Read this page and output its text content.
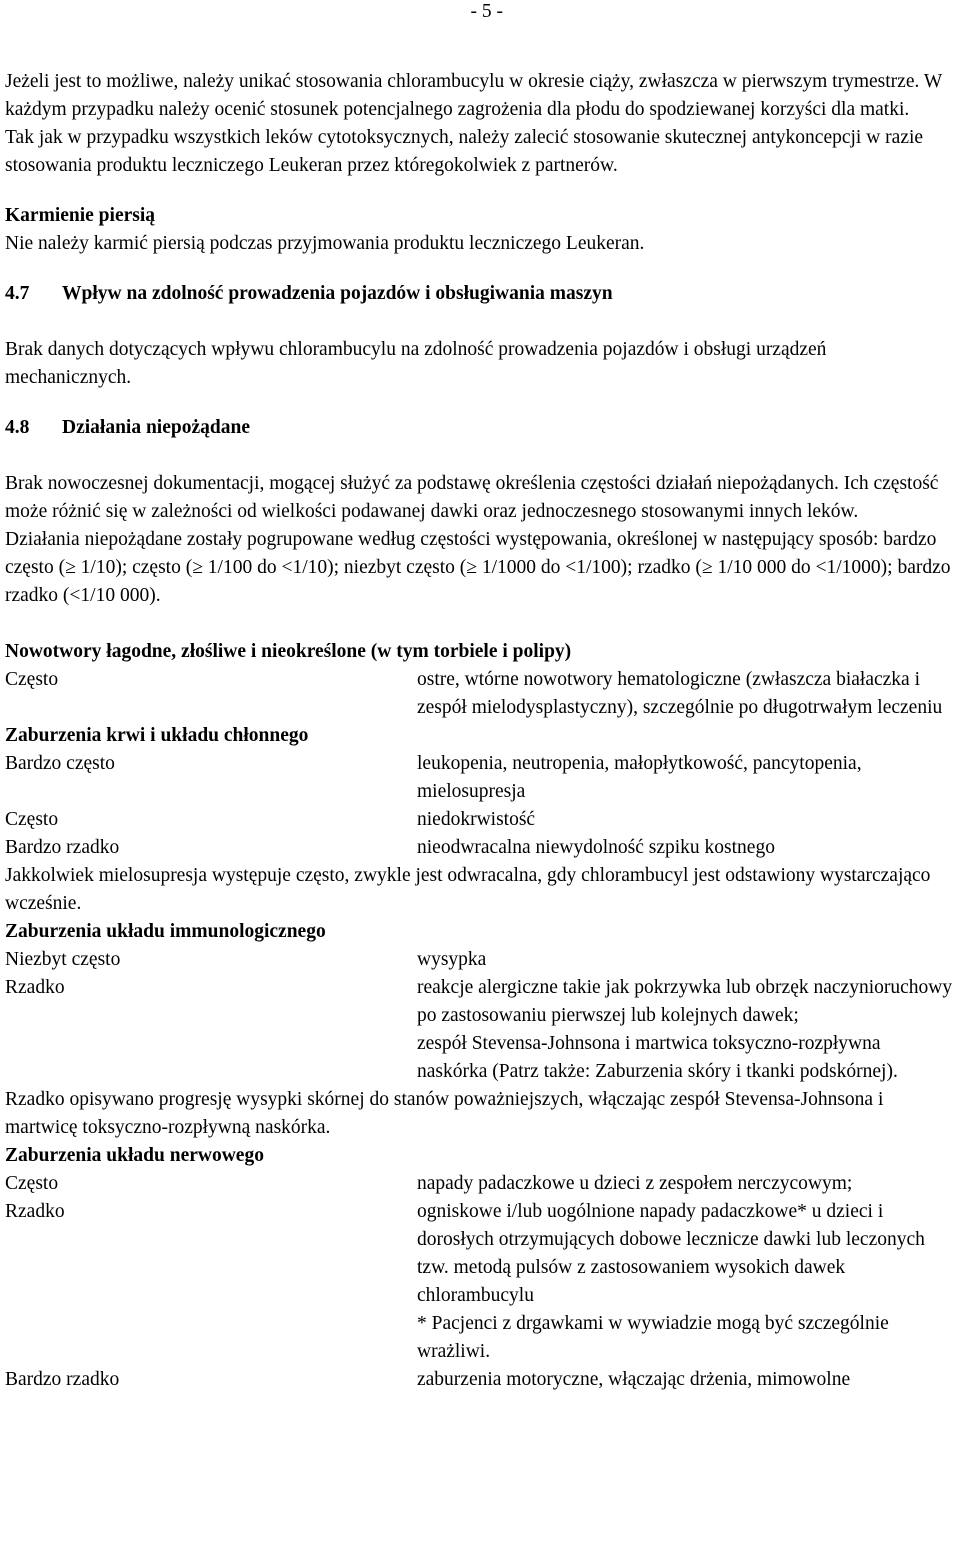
- 5 -

Jeżeli jest to możliwe, należy unikać stosowania chlorambucylu w okresie ciąży, zwłaszcza w pierwszym trymestrze. W każdym przypadku należy ocenić stosunek potencjalnego zagrożenia dla płodu do spodziewanej korzyści dla matki.

Tak jak w przypadku wszystkich leków cytotoksycznych, należy zalecić stosowanie skutecznej antykoncepcji w razie stosowania produktu leczniczego Leukeran przez któregokolwiek z partnerów.

Karmienie piersią

Nie należy karmić piersią podczas przyjmowania produktu leczniczego Leukeran.

4.7	Wpływ na zdolność prowadzenia pojazdów i obsługiwania maszyn

Brak danych dotyczących wpływu chlorambucylu na zdolność prowadzenia pojazdów i obsługi urządzeń mechanicznych.

4.8	Działania niepożądane

Brak nowoczesnej dokumentacji, mogącej służyć za podstawę określenia częstości działań niepożądanych. Ich częstość może różnić się w zależności od wielkości podawanej dawki oraz jednoczesnego stosowanymi innych leków.

Działania niepożądane zostały pogrupowane według częstości występowania, określonej w następujący sposób: bardzo często (≥ 1/10); często (≥ 1/100 do <1/10); niezbyt często (≥ 1/1000 do <1/100); rzadko (≥ 1/10 000 do <1/1000); bardzo rzadko (<1/10 000).

Nowotwory łagodne, złośliwe i nieokreślone (w tym torbiele i polipy)

Często	ostre, wtórne nowotwory hematologiczne (zwłaszcza białaczka i zespół mielodysplastyczny), szczególnie po długotrwałym leczeniu

Zaburzenia krwi i układu chłonnego

Bardzo często	leukopenia, neutropenia, małopłytkowość, pancytopenia, mielosupresja
Często	niedokrwistość
Bardzo rzadko	nieodwracalna niewydolność szpiku kostnego

Jakkolwiek mielosupresja występuje często, zwykle jest odwracalna, gdy chlorambucyl jest odstawiony wystarczająco wcześnie.

Zaburzenia układu immunologicznego

Niezbyt często	wysypka
Rzadko	reakcje alergiczne takie jak pokrzywka lub obrzęk naczynioruchowy po zastosowaniu pierwszej lub kolejnych dawek;
zespół Stevensa-Johnsona i martwica toksyczno-rozpływna naskórka (Patrz także: Zaburzenia skóry i tkanki podskórnej).

Rzadko opisywano progresję wysypki skórnej do stanów poważniejszych, włączając zespół Stevensa-Johnsona i martwicę toksyczno-rozpływną naskórka.

Zaburzenia układu nerwowego

Często	napady padaczkowe u dzieci z zespołem nerczycowym;
Rzadko	ogniskowe i/lub uogólnione napady padaczkowe* u dzieci i dorosłych otrzymujących dobowe lecznicze dawki lub leczonych tzw. metodą pulsów z zastosowaniem wysokich dawek chlorambucylu
* Pacjenci z drgawkami w wywiadzie mogą być szczególnie wrażliwi.
Bardzo rzadko	zaburzenia motoryczne, włączając drżenia, mimowolne
